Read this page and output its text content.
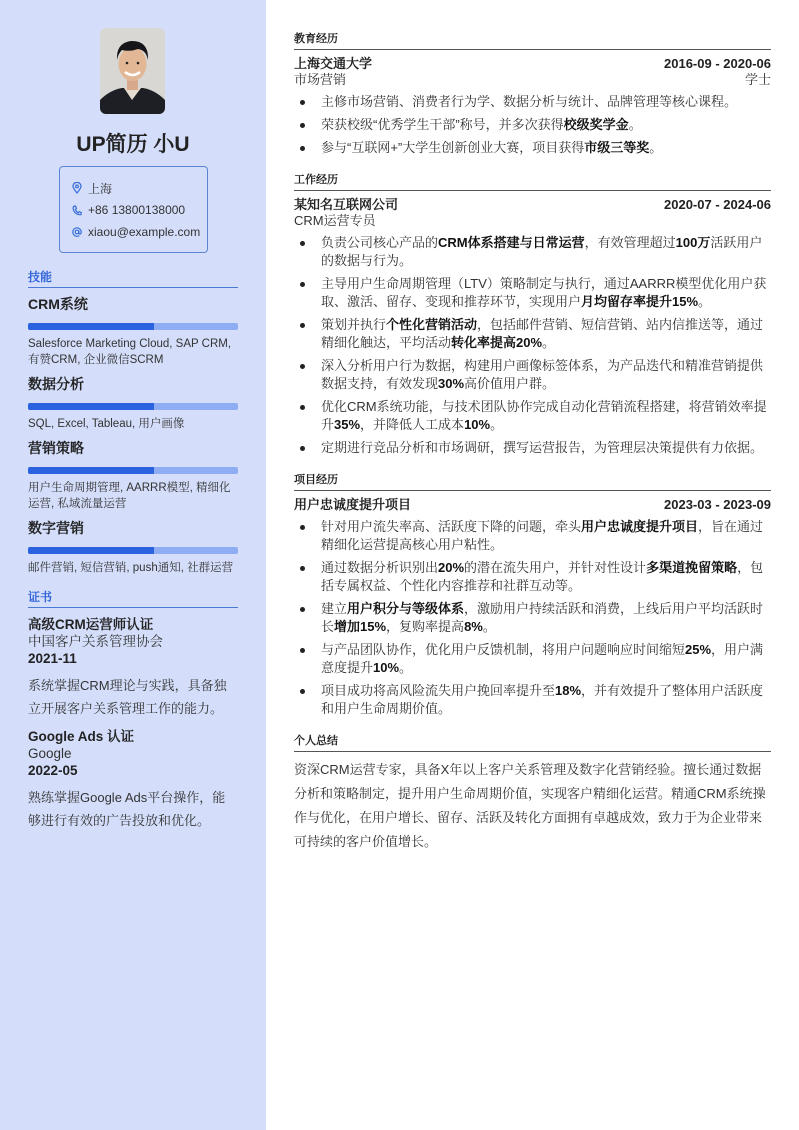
UP简历 小U
上海
+86 13800138000
xiaou@example.com
技能
CRM系统
Salesforce Marketing Cloud, SAP CRM, 有赞CRM, 企业微信SCRM
数据分析
SQL, Excel, Tableau, 用户画像
营销策略
用户生命周期管理, AARRR模型, 精细化运营, 私域流量运营
数字营销
邮件营销, 短信营销, push通知, 社群运营
证书
高级CRM运营师认证
中国客户关系管理协会
2021-11
系统掌握CRM理论与实践，具备独立开展客户关系管理工作的能力。
Google Ads 认证
Google
2022-05
熟练掌握Google Ads平台操作，能够进行有效的广告投放和优化。
教育经历
上海交通大学	2016-09 - 2020-06
市场营销	学士
主修市场营销、消费者行为学、数据分析与统计、品牌管理等核心课程。
荣获校级“优秀学生干部”称号，并多次获得校级奖学金。
参与“互联网+”大学生创新创业大赛，项目获得市级三等奖。
工作经历
某知名互联网公司	2020-07 - 2024-06
CRM运营专员
负责公司核心产品的CRM体系搭建与日常运营，有效管理超过100万活跃用户的数据与行为。
主导用户生命周期管理（LTV）策略制定与执行，通过AARRR模型优化用户获取、激活、留存、变现和推荐环节，实现用户月均留存率提升15%。
策划并执行个性化营销活动，包括邮件营销、短信营销、站内信推送等，通过精细化触达，平均活动转化率提高20%。
深入分析用户行为数据，构建用户画像标签体系，为产品迭代和精准营销提供数据支持，有效发现30%高价值用户群。
优化CRM系统功能，与技术团队协作完成自动化营销流程搭建，将营销效率提升35%，并降低人工成本10%。
定期进行竞品分析和市场调研，撰写运营报告，为管理层决策提供有力依据。
项目经历
用户忠诚度提升项目	2023-03 - 2023-09
针对用户流失率高、活跃度下降的问题，牵头用户忠诚度提升项目，旨在通过精细化运营提高核心用户粘性。
通过数据分析识别出20%的潜在流失用户，并针对性设计多渠道挽留策略，包括专属权益、个性化内容推荐和社群互动等。
建立用户积分与等级体系，激励用户持续活跃和消费，上线后用户平均活跃时长增加15%，复购率提高8%。
与产品团队协作，优化用户反馈机制，将用户问题响应时间缩短25%，用户满意度提升10%。
项目成功将高风险流失用户挽回率提升至18%，并有效提升了整体用户活跃度和用户生命周期价值。
个人总结
资深CRM运营专家，具备X年以上客户关系管理及数字化营销经验。擅长通过数据分析和策略制定，提升用户生命周期价值，实现客户精细化运营。精通CRM系统操作与优化，在用户增长、留存、活跃及转化方面拥有卓越成效，致力于为企业带来可持续的客户价值增长。
